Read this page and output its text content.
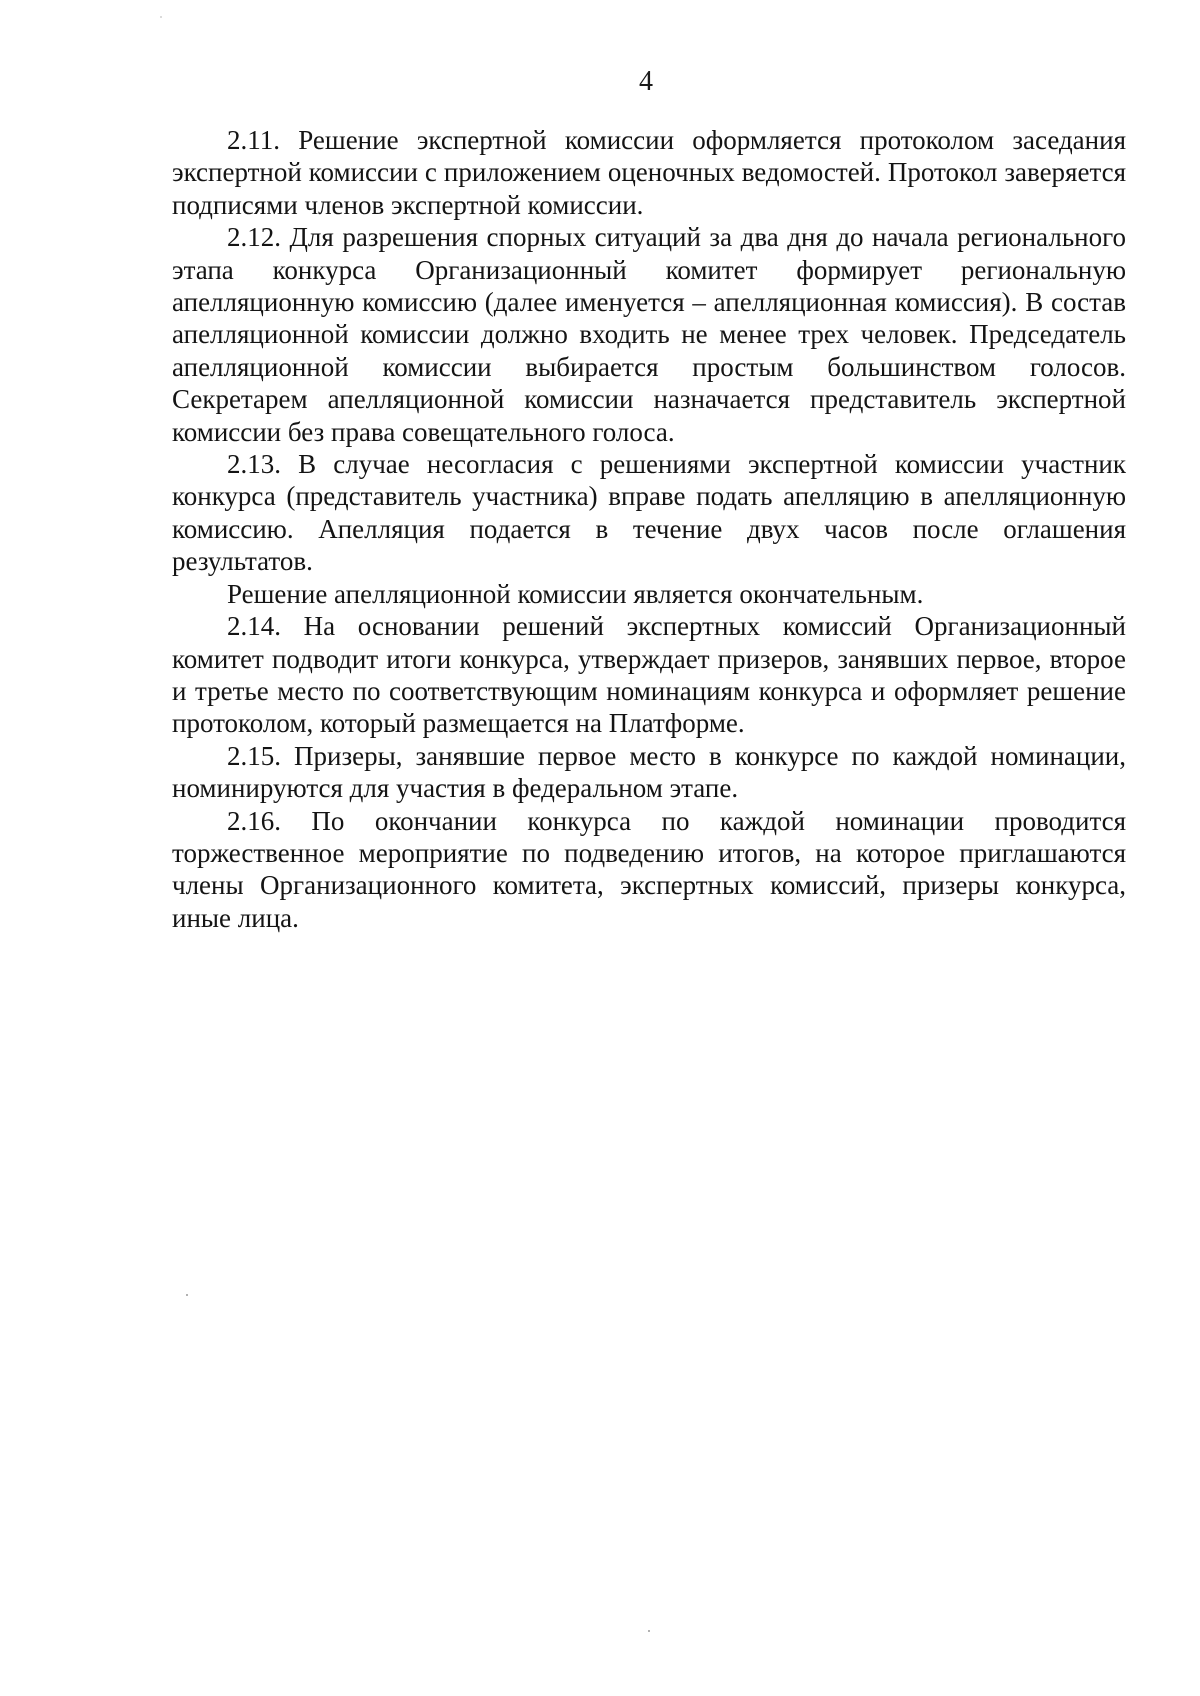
4

2.11. Решение экспертной комиссии оформляется протоколом заседания экспертной комиссии с приложением оценочных ведомостей. Протокол заверяется подписями членов экспертной комиссии.

2.12. Для разрешения спорных ситуаций за два дня до начала регионального этапа конкурса Организационный комитет формирует региональную апелляционную комиссию (далее именуется – апелляционная комиссия). В состав апелляционной комиссии должно входить не менее трех человек. Председатель апелляционной комиссии выбирается простым большинством голосов. Секретарем апелляционной комиссии назначается представитель экспертной комиссии без права совещательного голоса.

2.13. В случае несогласия с решениями экспертной комиссии участник конкурса (представитель участника) вправе подать апелляцию в апелляционную комиссию. Апелляция подается в течение двух часов после оглашения результатов.

Решение апелляционной комиссии является окончательным.

2.14. На основании решений экспертных комиссий Организационный комитет подводит итоги конкурса, утверждает призеров, занявших первое, второе и третье место по соответствующим номинациям конкурса и оформляет решение протоколом, который размещается на Платформе.

2.15. Призеры, занявшие первое место в конкурсе по каждой номинации, номинируются для участия в федеральном этапе.

2.16. По окончании конкурса по каждой номинации проводится торжественное мероприятие по подведению итогов, на которое приглашаются члены Организационного комитета, экспертных комиссий, призеры конкурса, иные лица.
